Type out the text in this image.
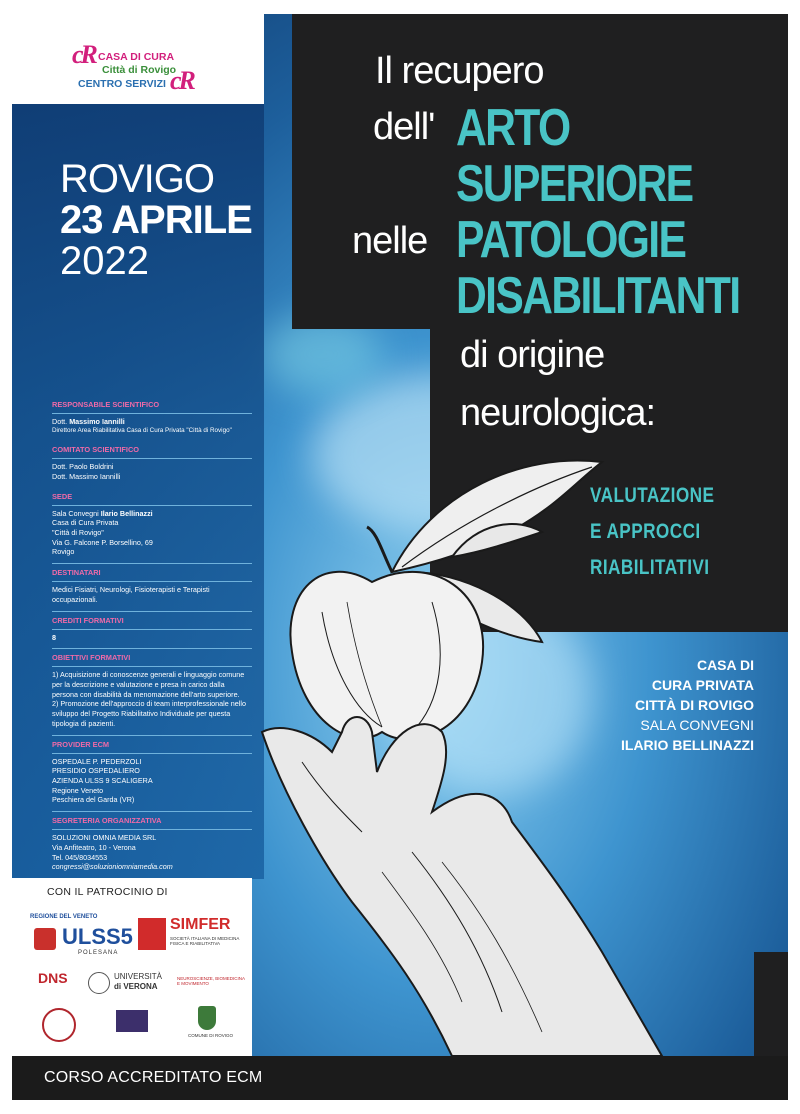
cR
cR
CASA DI CURA
Città di Rovigo
CENTRO SERVIZI
ROVIGO
23 APRILE
2022
RESPONSABILE SCIENTIFICO
Dott. Massimo Iannilli
Direttore Area Riabilitativa Casa di Cura Privata "Città di Rovigo"
COMITATO SCIENTIFICO
Dott. Paolo Boldrini
Dott. Massimo Iannilli
SEDE
Sala Convegni Ilario Bellinazzi
Casa di Cura Privata
"Città di Rovigo"
Via G. Falcone P. Borsellino, 69
Rovigo
DESTINATARI
Medici Fisiatri, Neurologi, Fisioterapisti e Terapisti occupazionali.
CREDITI FORMATIVI
8
OBIETTIVI FORMATIVI
1) Acquisizione di conoscenze generali e linguaggio comune per la descrizione e valutazione e presa in carico dalla persona con disabilità da menomazione dell'arto superiore.
2) Promozione dell'approccio di team interprofessionale nello sviluppo del Progetto Riabilitativo Individuale per questa tipologia di pazienti.
PROVIDER ECM
OSPEDALE P. PEDERZOLI
PRESIDIO OSPEDALIERO
AZIENDA ULSS 9 SCALIGERA
Regione Veneto
Peschiera del Garda (VR)
SEGRETERIA ORGANIZZATIVA
SOLUZIONI OMNIA MEDIA SRL
Via Anfiteatro, 10 - Verona
Tel. 045/8034553
congressi@soluzioniomniamedia.com
Il recupero
dell' ARTO
SUPERIORE
nelle PATOLOGIE
DISABILITANTI
di origine
neurologica:
VALUTAZIONE
E APPROCCI
RIABILITATIVI
CASA DI
CURA PRIVATA
CITTÀ DI ROVIGO
SALA CONVEGNI
ILARIO BELLINAZZI
CON IL PATROCINIO DI
REGIONE DEL VENETO
ULSS5
POLESANA
SIMFER
SOCIETÀ ITALIANA DI MEDICINA FISICA E RIABILITATIVA
DNS	UNIVERSITÀ
di VERONA
NEUROSCIENZE, BIOMEDICINA E MOVIMENTO
COMUNE DI ROVIGO
CORSO ACCREDITATO ECM
